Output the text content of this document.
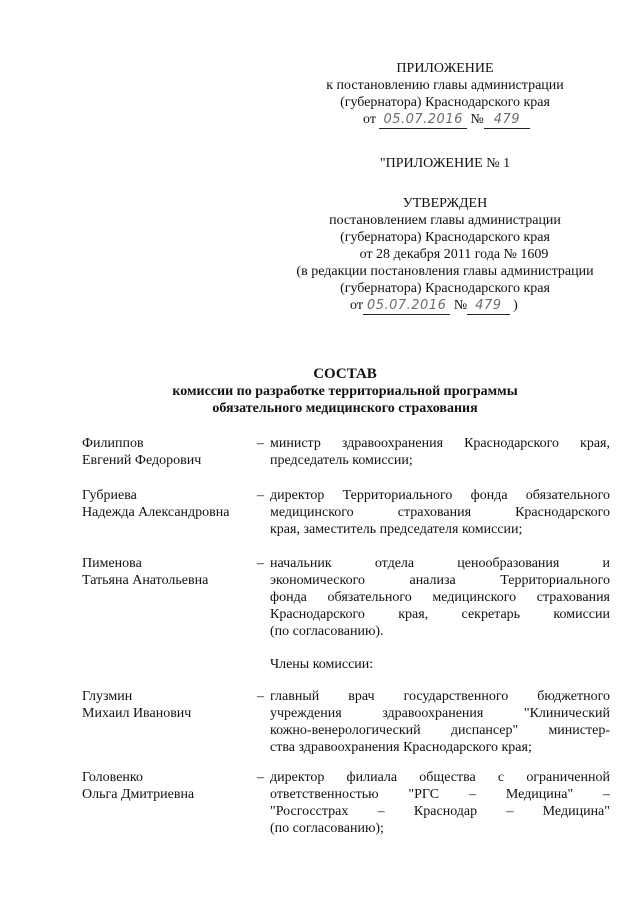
ПРИЛОЖЕНИЕ
к постановлению главы администрации
(губернатора) Краснодарского края
от 05.07.2016 № 479
"ПРИЛОЖЕНИЕ № 1
УТВЕРЖДЕН
постановлением главы администрации
(губернатора) Краснодарского края
от 28 декабря 2011 года № 1609
(в редакции постановления главы администрации
(губернатора) Краснодарского края
от 05.07.2016 № 479 )
СОСТАВ
комиссии по разработке территориальной программы
обязательного медицинского страхования
Филиппов
Евгений Федорович
– министр здравоохранения Краснодарского края,
председатель комиссии;
Губриева
Надежда Александровна
– директор Территориального фонда обязательного
медицинского страхования Краснодарского
края, заместитель председателя комиссии;
Пименова
Татьяна Анатольевна
– начальник отдела ценообразования и
экономического анализа Территориального
фонда обязательного медицинского страхования
Краснодарского края, секретарь комиссии
(по согласованию).
Члены комиссии:
Глузмин
Михаил Иванович
– главный врач государственного бюджетного
учреждения здравоохранения "Клинический
кожно-венерологический диспансер" министер-
ства здравоохранения Краснодарского края;
Головенко
Ольга Дмитриевна
– директор филиала общества с ограниченной
ответственностью "РГС – Медицина" –
"Росгосстрах – Краснодар – Медицина"
(по согласованию);
